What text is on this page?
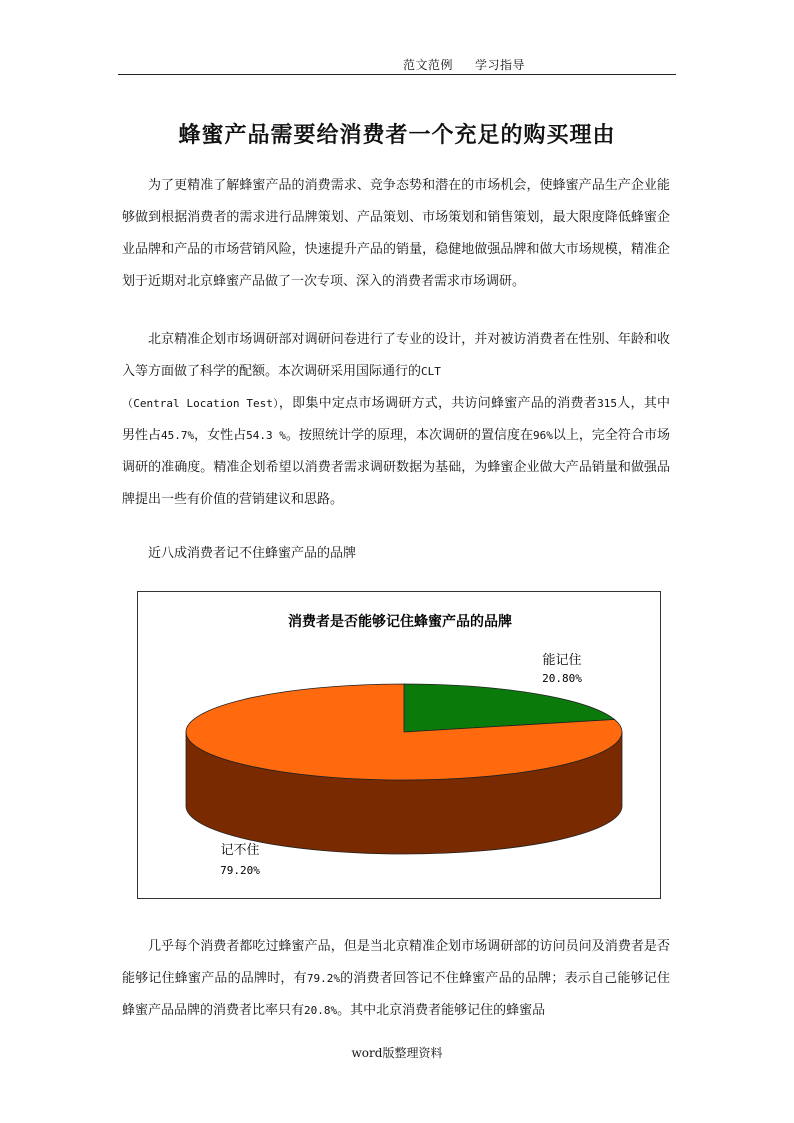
范文范例 学习指导
蜂蜜产品需要给消费者一个充足的购买理由

为了更精准了解蜂蜜产品的消费需求、竞争态势和潜在的市场机会，使蜂蜜产品生产企业能够做到根据消费者的需求进行品牌策划、产品策划、市场策划和销售策划，最大限度降低蜂蜜企业品牌和产品的市场营销风险，快速提升产品的销量，稳健地做强品牌和做大市场规模，精准企划于近期对北京蜂蜜产品做了一次专项、深入的消费者需求市场调研。

北京精准企划市场调研部对调研问卷进行了专业的设计，并对被访消费者在性别、年龄和收入等方面做了科学的配额。本次调研采用国际通行的CLT
（Central Location Test），即集中定点市场调研方式，共访问蜂蜜产品的消费者315人，其中男性占45.7%，女性占54.3 %。按照统计学的原理，本次调研的置信度在96%以上，完全符合市场调研的准确度。精准企划希望以消费者需求调研数据为基础，为蜂蜜企业做大产品销量和做强品牌提出一些有价值的营销建议和思路。

近八成消费者记不住蜂蜜产品的品牌

消费者是否能够记住蜂蜜产品的品牌
能记住
20.80%
记不住
79.20%

几乎每个消费者都吃过蜂蜜产品，但是当北京精准企划市场调研部的访问员问及消费者是否能够记住蜂蜜产品的品牌时，有79.2%的消费者回答记不住蜂蜜产品的品牌；表示自己能够记住蜂蜜产品品牌的消费者比率只有20.8%。其中北京消费者能够记住的蜂蜜品

word版整理资料
